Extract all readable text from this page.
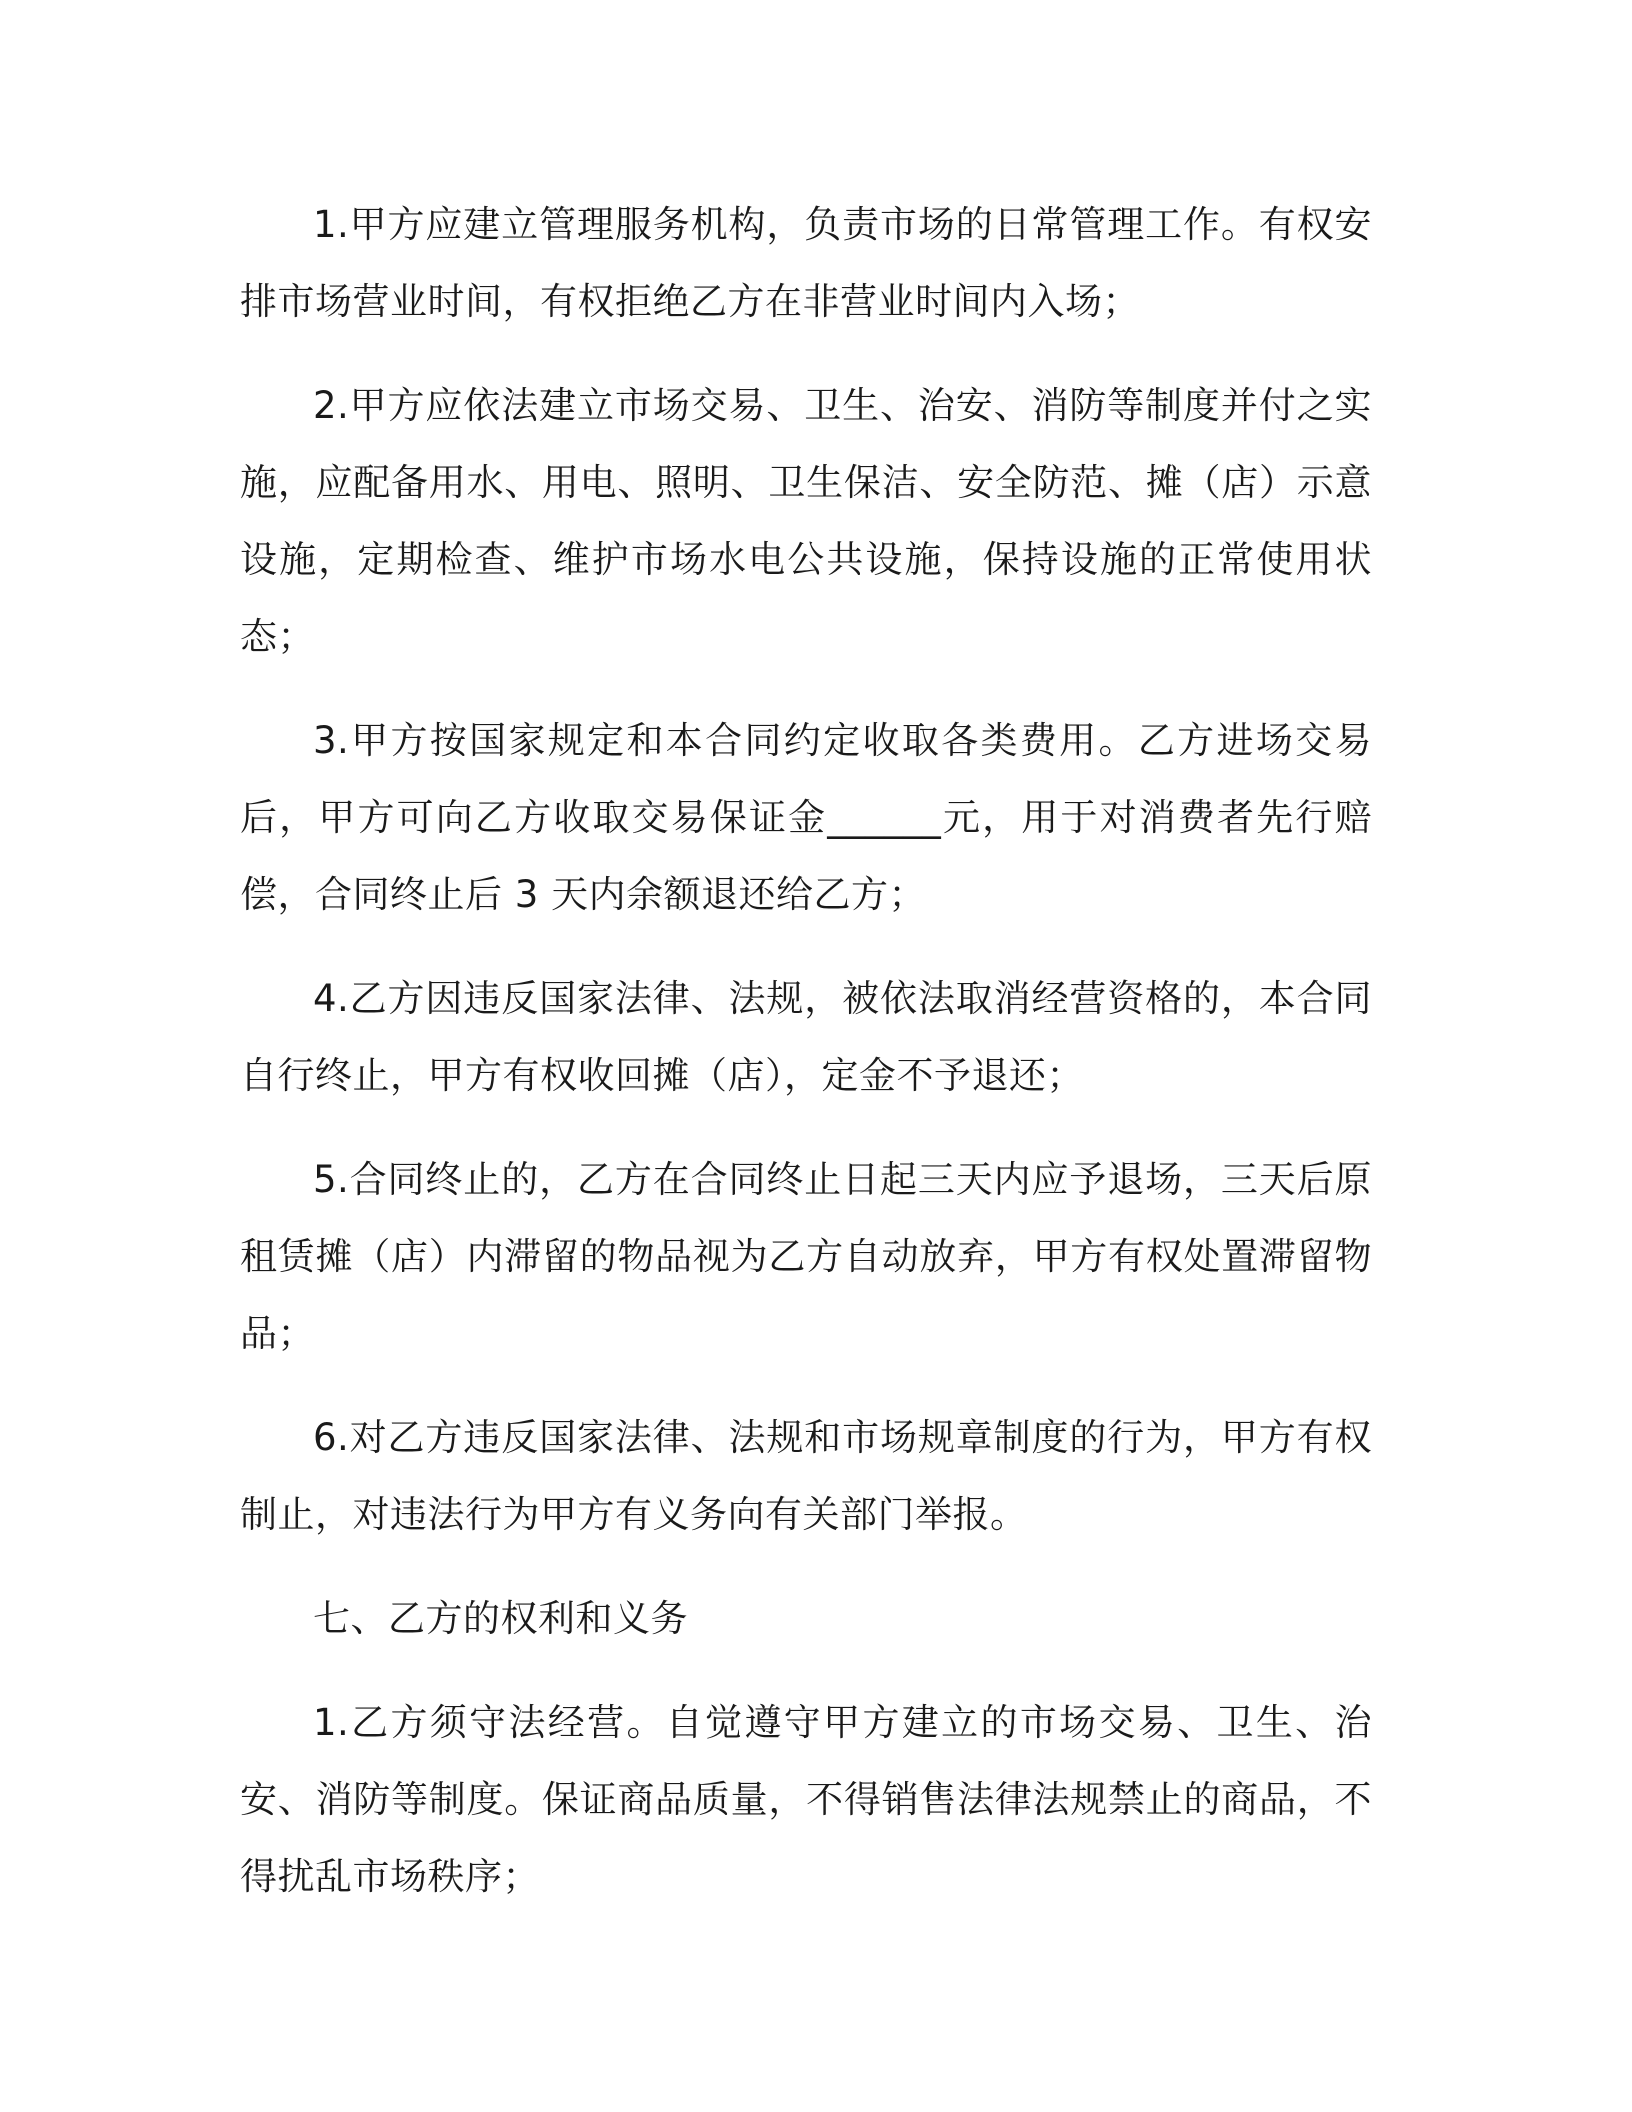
1.甲方应建立管理服务机构，负责市场的日常管理工作。有权安排市场营业时间，有权拒绝乙方在非营业时间内入场；

2.甲方应依法建立市场交易、卫生、治安、消防等制度并付之实施，应配备用水、用电、照明、卫生保洁、安全防范、摊（店）示意设施，定期检查、维护市场水电公共设施，保持设施的正常使用状态；

3.甲方按国家规定和本合同约定收取各类费用。乙方进场交易后，甲方可向乙方收取交易保证金______元，用于对消费者先行赔偿，合同终止后 3 天内余额退还给乙方；

4.乙方因违反国家法律、法规，被依法取消经营资格的，本合同自行终止，甲方有权收回摊（店），定金不予退还；

5.合同终止的，乙方在合同终止日起三天内应予退场，三天后原租赁摊（店）内滞留的物品视为乙方自动放弃，甲方有权处置滞留物品；

6.对乙方违反国家法律、法规和市场规章制度的行为，甲方有权制止，对违法行为甲方有义务向有关部门举报。

七、乙方的权利和义务

1.乙方须守法经营。自觉遵守甲方建立的市场交易、卫生、治安、消防等制度。保证商品质量，不得销售法律法规禁止的商品，不得扰乱市场秩序；
